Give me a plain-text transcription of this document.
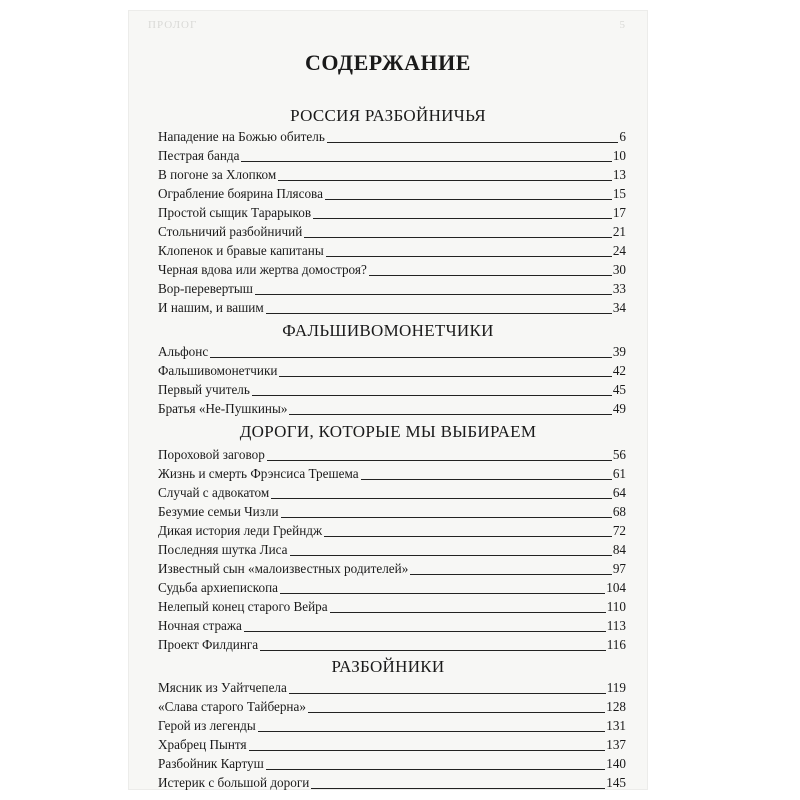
ПРОЛОГ	5
СОДЕРЖАНИЕ
РОССИЯ РАЗБОЙНИЧЬЯ
Нападение на Божью обитель	6
Пестрая банда	10
В погоне за Хлопком	13
Ограбление боярина Плясова	15
Простой сыщик Тарарыков	17
Стольничий разбойничий	21
Клопенок и бравые капитаны	24
Черная вдова или жертва домостроя?	30
Вор-перевертыш	33
И нашим, и вашим	34
ФАЛЬШИВОМОНЕТЧИКИ
Альфонс	39
Фальшивомонетчики	42
Первый учитель	45
Братья «Не-Пушкины»	49
ДОРОГИ, КОТОРЫЕ МЫ ВЫБИРАЕМ
Пороховой заговор	56
Жизнь и смерть Фрэнсиса Трешема	61
Случай с адвокатом	64
Безумие семьи Чизли	68
Дикая история леди Грейндж	72
Последняя шутка Лиса	84
Известный сын «малоизвестных родителей»	97
Судьба архиепископа	104
Нелепый конец старого Вейра	110
Ночная стража	113
Проект Филдинга	116
РАЗБОЙНИКИ
Мясник из Уайтчепела	119
«Слава старого Тайберна»	128
Герой из легенды	131
Храбрец Пынтя	137
Разбойник Картуш	140
Истерик с большой дороги	145
